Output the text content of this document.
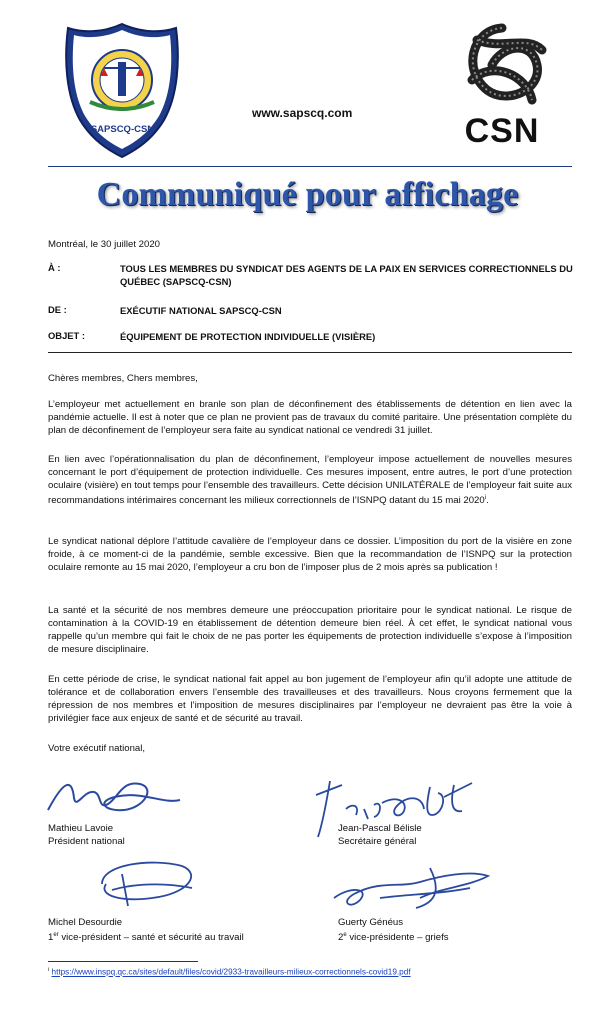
SAPSCQ-CSN
www.sapscq.com	CSN
Communiqué pour affichage
Montréal, le 30 juillet 2020
À :	TOUS LES MEMBRES DU SYNDICAT DES AGENTS DE LA PAIX EN SERVICES CORRECTIONNELS DU QUÉBEC (SAPSCQ-CSN)
DE :	EXÉCUTIF NATIONAL SAPSCQ-CSN
OBJET :	ÉQUIPEMENT DE PROTECTION INDIVIDUELLE (VISIÈRE)
Chères membres, Chers membres,
L’employeur met actuellement en branle son plan de déconfinement des établissements de détention en lien avec la pandémie actuelle. Il est à noter que ce plan ne provient pas de travaux du comité paritaire. Une présentation complète du plan de déconfinement de l’employeur sera faite au syndicat national ce vendredi 31 juillet.
En lien avec l’opérationnalisation du plan de déconfinement, l’employeur impose actuellement de nouvelles mesures concernant le port d’équipement de protection individuelle. Ces mesures imposent, entre autres, le port d’une protection oculaire (visière) en tout temps pour l’ensemble des travailleurs. Cette décision UNILATÉRALE de l’employeur fait suite aux recommandations intérimaires concernant les milieux correctionnels de l’ISNPQ datant du 15 mai 2020$^i$.
Le syndicat national déplore l’attitude cavalière de l’employeur dans ce dossier. L’imposition du port de la visière en zone froide, à ce moment-ci de la pandémie, semble excessive. Bien que la recommandation de l’ISNPQ sur la protection oculaire remonte au 15 mai 2020, l’employeur a cru bon de l’imposer plus de 2 mois après sa publication !
La santé et la sécurité de nos membres demeure une préoccupation prioritaire pour le syndicat national. Le risque de contamination à la COVID-19 en établissement de détention demeure bien réel. À cet effet, le syndicat national vous rappelle qu’un membre qui fait le choix de ne pas porter les équipements de protection individuelle s’expose à l’imposition de mesure disciplinaire.
En cette période de crise, le syndicat national fait appel au bon jugement de l’employeur afin qu’il adopte une attitude de tolérance et de collaboration envers l’ensemble des travailleuses et des travailleurs. Nous croyons fermement que la répression de nos membres et l’imposition de mesures disciplinaires par l’employeur ne devraient pas être la voie à privilégier face aux enjeux de santé et de sécurité au travail.
Votre exécutif national,
Mathieu Lavoie
Président national
Jean-Pascal Bélisle
Secrétaire général
Michel Desourdie
1er vice-président – santé et sécurité au travail
Guerty Généus
2e vice-présidente – griefs
$^i$ https://www.inspq.qc.ca/sites/default/files/covid/2933-travailleurs-milieux-correctionnels-covid19.pdf
